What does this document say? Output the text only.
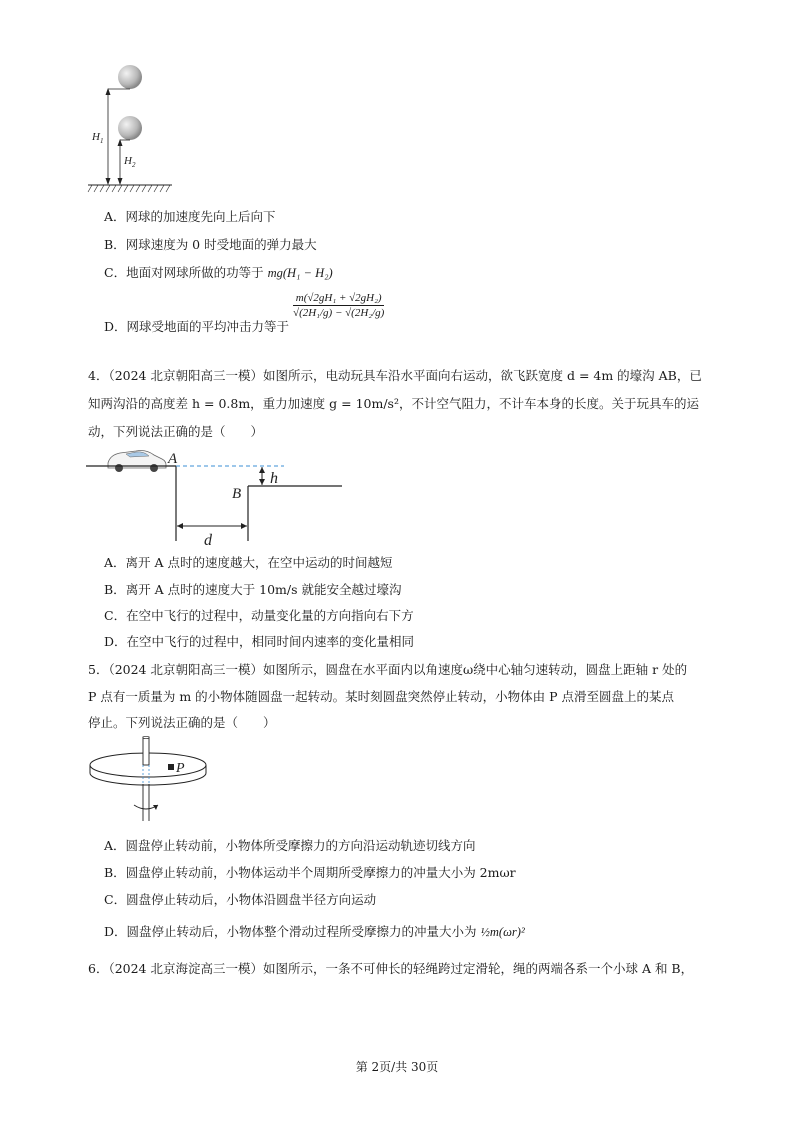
$H_1$
$H_2$
A．网球的加速度先向上后向下
B．网球速度为 0 时受地面的弹力最大
C．地面对网球所做的功等于 mg(H₁ − H₂)
D．网球受地面的平均冲击力等于
$\frac{\text{m(√2gH₁ + √2gH₂)}}{\text{√(2H₁/g) − √(2H₂/g)}}$
4．（2024 北京朝阳高三一模）如图所示，电动玩具车沿水平面向右运动，欲飞跃宽度 d = 4m 的壕沟 AB，已
知两沟沿的高度差 h = 0.8m，重力加速度 g = 10m/s²，不计空气阻力，不计车本身的长度。关于玩具车的运
动，下列说法正确的是（　　）
A
B
h
d
A．离开 A 点时的速度越大，在空中运动的时间越短
B．离开 A 点时的速度大于 10m/s 就能安全越过壕沟
C．在空中飞行的过程中，动量变化量的方向指向右下方
D．在空中飞行的过程中，相同时间内速率的变化量相同
5．（2024 北京朝阳高三一模）如图所示，圆盘在水平面内以角速度ω绕中心轴匀速转动，圆盘上距轴 r 处的
P 点有一质量为 m 的小物体随圆盘一起转动。某时刻圆盘突然停止转动，小物体由 P 点滑至圆盘上的某点
停止。下列说法正确的是（　　）
P
A．圆盘停止转动前，小物体所受摩擦力的方向沿运动轨迹切线方向
B．圆盘停止转动前，小物体运动半个周期所受摩擦力的冲量大小为 2mωr
C．圆盘停止转动后，小物体沿圆盘半径方向运动
D．圆盘停止转动后，小物体整个滑动过程所受摩擦力的冲量大小为 ½m(ωr)²
6．（2024 北京海淀高三一模）如图所示，一条不可伸长的轻绳跨过定滑轮，绳的两端各系一个小球 A 和 B，
第 2页/共 30页
